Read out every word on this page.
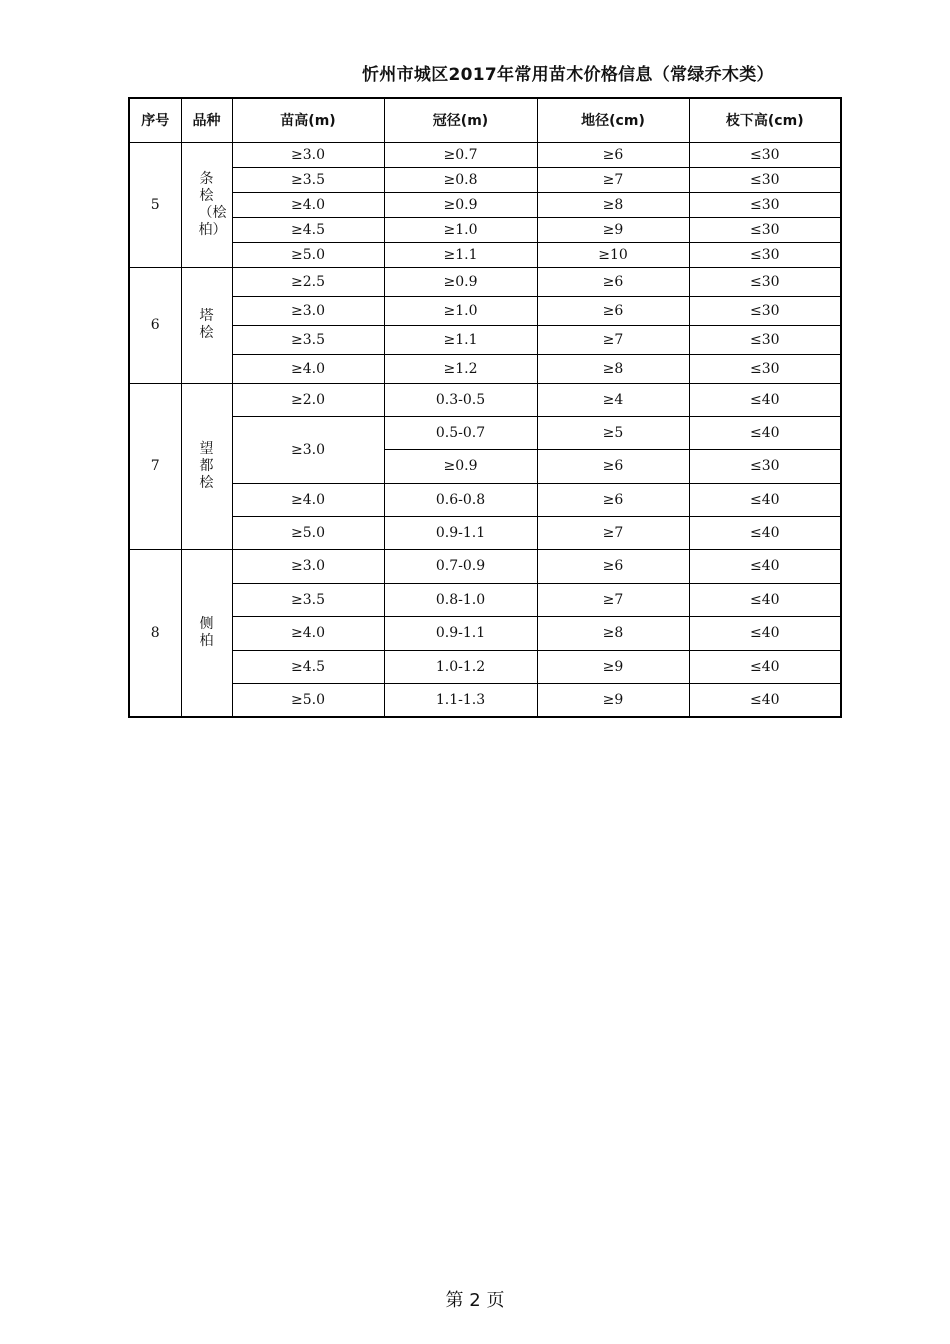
忻州市城区2017年常用苗木价格信息（常绿乔木类）
序号	品种	苗高(m)	冠径(m)	地径(cm)	枝下高(cm)
5	条桧（桧柏）	≥3.0	≥0.7	≥6	≤30
		≥3.5	≥0.8	≥7	≤30
		≥4.0	≥0.9	≥8	≤30
		≥4.5	≥1.0	≥9	≤30
		≥5.0	≥1.1	≥10	≤30
6	塔桧	≥2.5	≥0.9	≥6	≤30
		≥3.0	≥1.0	≥6	≤30
		≥3.5	≥1.1	≥7	≤30
		≥4.0	≥1.2	≥8	≤30
7	望都桧	≥2.0	0.3-0.5	≥4	≤40
		≥3.0	0.5-0.7	≥5	≤40
			≥0.9	≥6	≤30
		≥4.0	0.6-0.8	≥6	≤40
		≥5.0	0.9-1.1	≥7	≤40
8	侧柏	≥3.0	0.7-0.9	≥6	≤40
		≥3.5	0.8-1.0	≥7	≤40
		≥4.0	0.9-1.1	≥8	≤40
		≥4.5	1.0-1.2	≥9	≤40
		≥5.0	1.1-1.3	≥9	≤40
第 2 页
